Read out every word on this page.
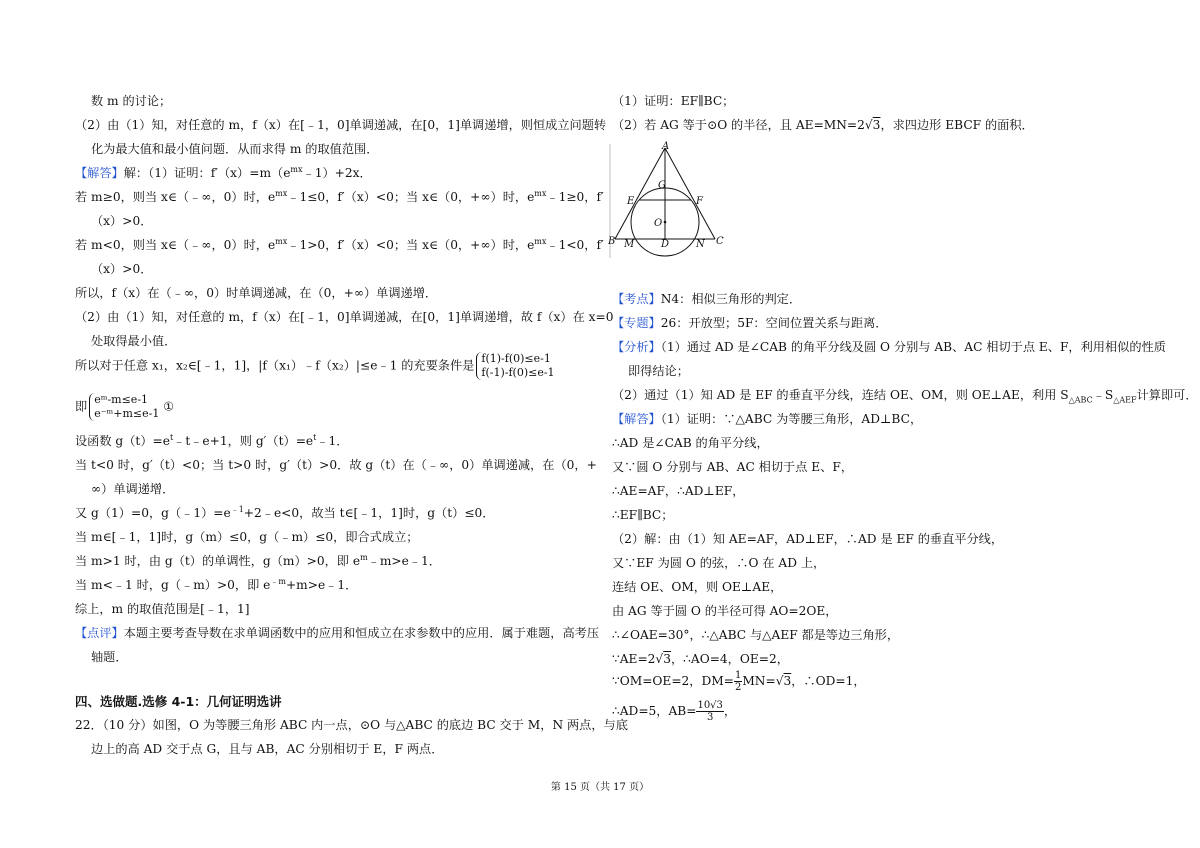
数 m 的讨论；
（2）由（1）知，对任意的 m，f（x）在[﹣1，0]单调递减，在[0，1]单调递增，则恒成立问题转
化为最大值和最小值问题．从而求得 m 的取值范围．
【解答】解：（1）证明：$f'(x)=m(e^{mx}﹣1)+2x$．
若 m≥0，则当 x∈（﹣∞，0）时，$e^{mx}﹣1\le 0$，f′（x）<0；当 x∈（0，+∞）时，$e^{mx}﹣1\ge 0$，f′
（x）>0．
若 m<0，则当 x∈（﹣∞，0）时，$e^{mx}﹣1>0$，f′（x）<0；当 x∈（0，+∞）时，$e^{mx}﹣1<0$，f′
（x）>0．
所以，f（x）在（﹣∞，0）时单调递减，在（0，+∞）单调递增．
（2）由（1）知，对任意的 m，f（x）在[﹣1，0]单调递减，在[0，1]单调递增，故 f（x）在 x=0
处取得最小值．
所以对于任意 x₁，x₂∈[﹣1，1]，|f（x₁）﹣f（x₂）|≤e﹣1 的充要条件是 f(1)-f(0)≤e-1
f(-1)-f(0)≤e-1
即 eᵐ-m≤e-1
e⁻ᵐ+m≤e-1 ①
设函数 $g(t)=e^t﹣t﹣e+1$，则 $g'(t)=e^t﹣1$．
当 t<0 时，g′（t）<0；当 t>0 时，g′（t）>0．故 g（t）在（﹣∞，0）单调递减，在（0，+
∞）单调递增．
又 g（1）=0，$g(﹣1)=e^{﹣1}+2﹣e<0$，故当 t∈[﹣1，1]时，g（t）≤0．
当 m∈[﹣1，1]时，g（m）≤0，g（﹣m）≤0，即合式成立；
当 m>1 时，由 g（t）的单调性，g（m）>0，即 $e^m﹣m>e﹣1$．
当 m<﹣1 时，g（﹣m）>0，即 $e^{﹣m}+m>e﹣1$．
综上，m 的取值范围是[﹣1，1]
【点评】本题主要考查导数在求单调函数中的应用和恒成立在求参数中的应用．属于难题，高考压
轴题．
四、选做题.选修 4-1：几何证明选讲
22．（10 分）如图，O 为等腰三角形 ABC 内一点，⊙O 与△ABC 的底边 BC 交于 M，N 两点，与底
边上的高 AD 交于点 G，且与 AB，AC 分别相切于 E，F 两点．
（1）证明：EF∥BC；
（2）若 AG 等于⊙O 的半径，且 AE=MN=2√3，求四边形 EBCF 的面积．
【考点】N4：相似三角形的判定．
【专题】26：开放型；5F：空间位置关系与距离．
【分析】（1）通过 AD 是∠CAB 的角平分线及圆 O 分别与 AB、AC 相切于点 E、F，利用相似的性质
即得结论；
（2）通过（1）知 AD 是 EF 的垂直平分线，连结 OE、OM，则 OE⊥AE，利用 $S_{\triangle ABC}﹣S_{\triangle AEF}$计算即可．
【解答】（1）证明：∵△ABC 为等腰三角形，AD⊥BC，
∴AD 是∠CAB 的角平分线，
又∵圆 O 分别与 AB、AC 相切于点 E、F，
∴AE=AF，∴AD⊥EF，
∴EF∥BC；
（2）解：由（1）知 AE=AF，AD⊥EF，∴AD 是 EF 的垂直平分线，
又∵EF 为圆 O 的弦，∴O 在 AD 上，
连结 OE、OM，则 OE⊥AE，
由 AG 等于圆 O 的半径可得 AO=2OE，
∴∠OAE=30°，∴△ABC 与△AEF 都是等边三角形，
∵AE=2√3，∴AO=4，OE=2，
∵OM=OE=2，$DM= \frac{1}{2}MN=√3$，∴OD=1，
∴AD=5，$AB= \frac{10√3}{3}$，
A
G
E	F
O
B M	D	N C
第 15 页（共 17 页）
